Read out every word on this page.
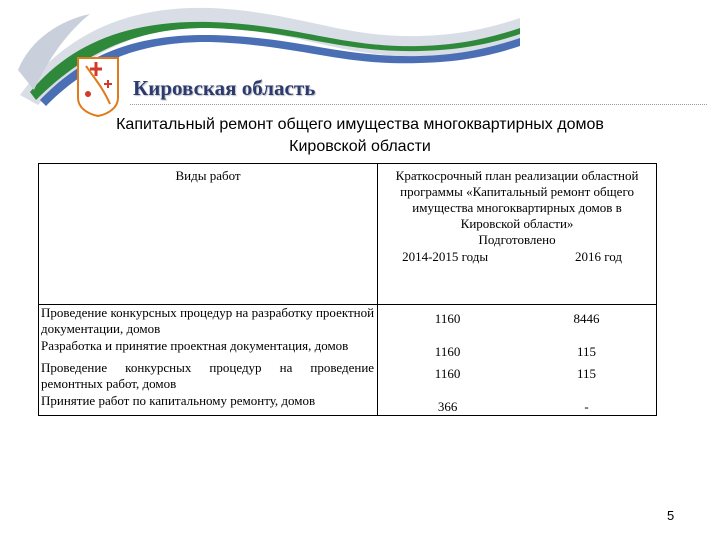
Кировская область
Капитальный ремонт общего имущества многоквартирных домов
Кировской области
Виды работ	Краткосрочный план реализации областной программы «Капитальный ремонт общего имущества многоквартирных домов в Кировской области»
Подготовлено
2014-2015 годы 2016 год	

Проведение конкурсных процедур на разработку проектной документации, домов	1160	8446
Разработка и принятие проектная документация, домов	1160	115
Проведение конкурсных процедур на проведение ремонтных работ, домов	1160	115
Принятие работ по капитальному ремонту, домов	366	-
5
